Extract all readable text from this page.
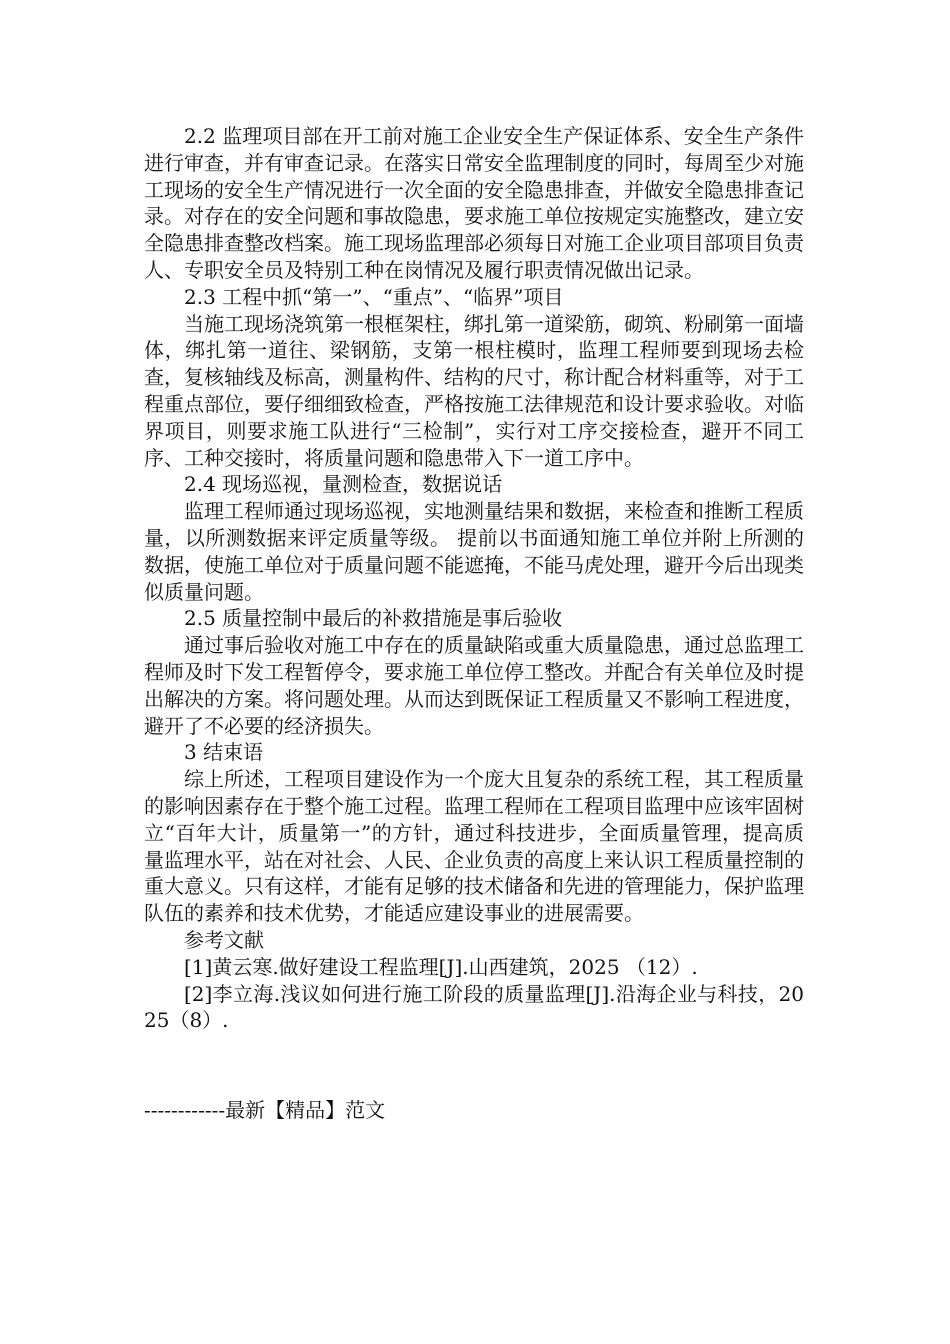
2.2 监理项目部在开工前对施工企业安全生产保证体系、安全生产条件进行审查，并有审查记录。在落实日常安全监理制度的同时，每周至少对施工现场的安全生产情况进行一次全面的安全隐患排查，并做安全隐患排查记录。对存在的安全问题和事故隐患，要求施工单位按规定实施整改，建立安全隐患排查整改档案。施工现场监理部必须每日对施工企业项目部项目负责人、专职安全员及特别工种在岗情况及履行职责情况做出记录。

2.3 工程中抓“第一”、“重点”、“临界”项目

当施工现场浇筑第一根框架柱，绑扎第一道梁筋，砌筑、粉刷第一面墙体，绑扎第一道往、梁钢筋，支第一根柱模时，监理工程师要到现场去检查，复核轴线及标高，测量构件、结构的尺寸，称计配合材料重等，对于工程重点部位，要仔细细致检查，严格按施工法律规范和设计要求验收。对临界项目，则要求施工队进行“三检制”，实行对工序交接检查，避开不同工序、工种交接时，将质量问题和隐患带入下一道工序中。

2.4 现场巡视，量测检查，数据说话

监理工程师通过现场巡视，实地测量结果和数据，来检查和推断工程质量，以所测数据来评定质量等级。 提前以书面通知施工单位并附上所测的数据，使施工单位对于质量问题不能遮掩，不能马虎处理，避开今后出现类似质量问题。

2.5 质量控制中最后的补救措施是事后验收

通过事后验收对施工中存在的质量缺陷或重大质量隐患，通过总监理工程师及时下发工程暂停令，要求施工单位停工整改。并配合有关单位及时提出解决的方案。将问题处理。从而达到既保证工程质量又不影响工程进度，避开了不必要的经济损失。

3 结束语

综上所述，工程项目建设作为一个庞大且复杂的系统工程，其工程质量的影响因素存在于整个施工过程。监理工程师在工程项目监理中应该牢固树立“百年大计，质量第一”的方针，通过科技进步，全面质量管理，提高质量监理水平，站在对社会、人民、企业负责的高度上来认识工程质量控制的重大意义。只有这样，才能有足够的技术储备和先进的管理能力，保护监理队伍的素养和技术优势，才能适应建设事业的进展需要。

参考文献

[1]黄云寒.做好建设工程监理[J].山西建筑，2025 （12）.

[2]李立海.浅议如何进行施工阶段的质量监理[J].沿海企业与科技，2025（8）.

------------最新【精品】范文
